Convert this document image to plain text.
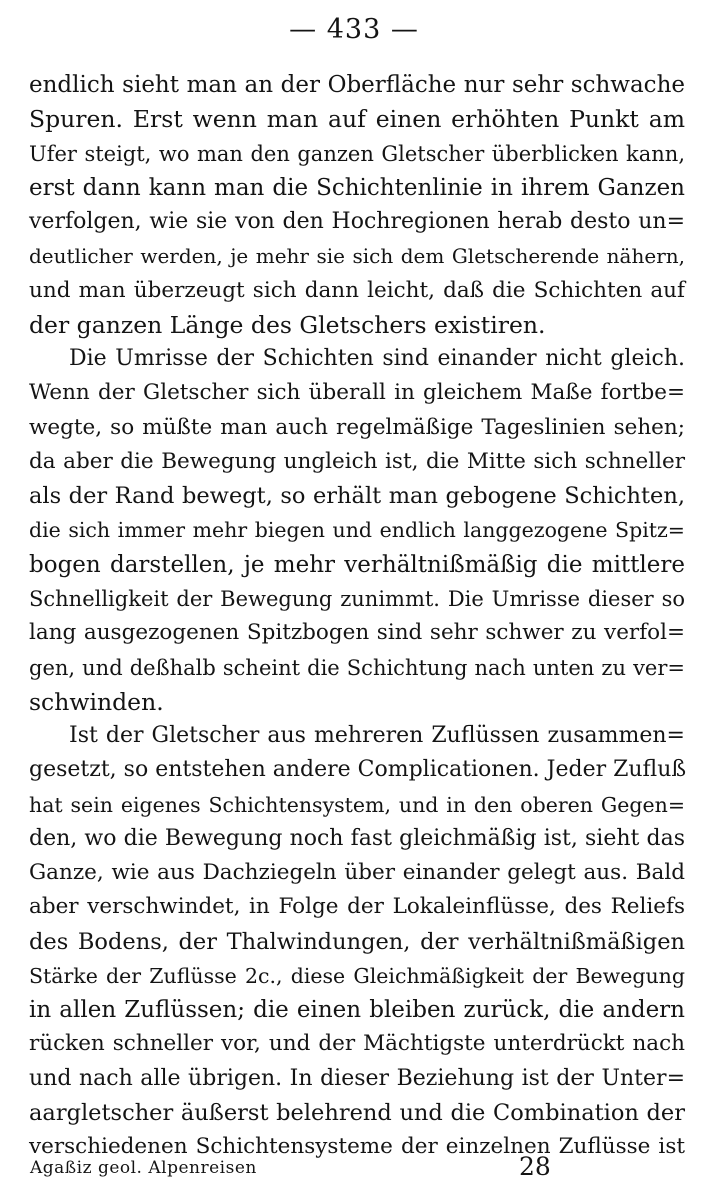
— 433 —
endlich sieht man an der Oberfläche nur sehr schwache
Spuren. Erst wenn man auf einen erhöhten Punkt am
Ufer steigt, wo man den ganzen Gletscher überblicken kann,
erst dann kann man die Schichtenlinie in ihrem Ganzen
verfolgen, wie sie von den Hochregionen herab desto un=
deutlicher werden, je mehr sie sich dem Gletscherende nähern,
und man überzeugt sich dann leicht, daß die Schichten auf
der ganzen Länge des Gletschers existiren.
Die Umrisse der Schichten sind einander nicht gleich.
Wenn der Gletscher sich überall in gleichem Maße fortbe=
wegte, so müßte man auch regelmäßige Tageslinien sehen;
da aber die Bewegung ungleich ist, die Mitte sich schneller
als der Rand bewegt, so erhält man gebogene Schichten,
die sich immer mehr biegen und endlich langgezogene Spitz=
bogen darstellen, je mehr verhältnißmäßig die mittlere
Schnelligkeit der Bewegung zunimmt. Die Umrisse dieser so
lang ausgezogenen Spitzbogen sind sehr schwer zu verfol=
gen, und deßhalb scheint die Schichtung nach unten zu ver=
schwinden.
Ist der Gletscher aus mehreren Zuflüssen zusammen=
gesetzt, so entstehen andere Complicationen. Jeder Zufluß
hat sein eigenes Schichtensystem, und in den oberen Gegen=
den, wo die Bewegung noch fast gleichmäßig ist, sieht das
Ganze, wie aus Dachziegeln über einander gelegt aus. Bald
aber verschwindet, in Folge der Lokaleinflüsse, des Reliefs
des Bodens, der Thalwindungen, der verhältnißmäßigen
Stärke der Zuflüsse 2c., diese Gleichmäßigkeit der Bewegung
in allen Zuflüssen; die einen bleiben zurück, die andern
rücken schneller vor, und der Mächtigste unterdrückt nach
und nach alle übrigen. In dieser Beziehung ist der Unter=
aargletscher äußerst belehrend und die Combination der
verschiedenen Schichtensysteme der einzelnen Zuflüsse ist
Agaßiz geol. Alpenreisen	28
